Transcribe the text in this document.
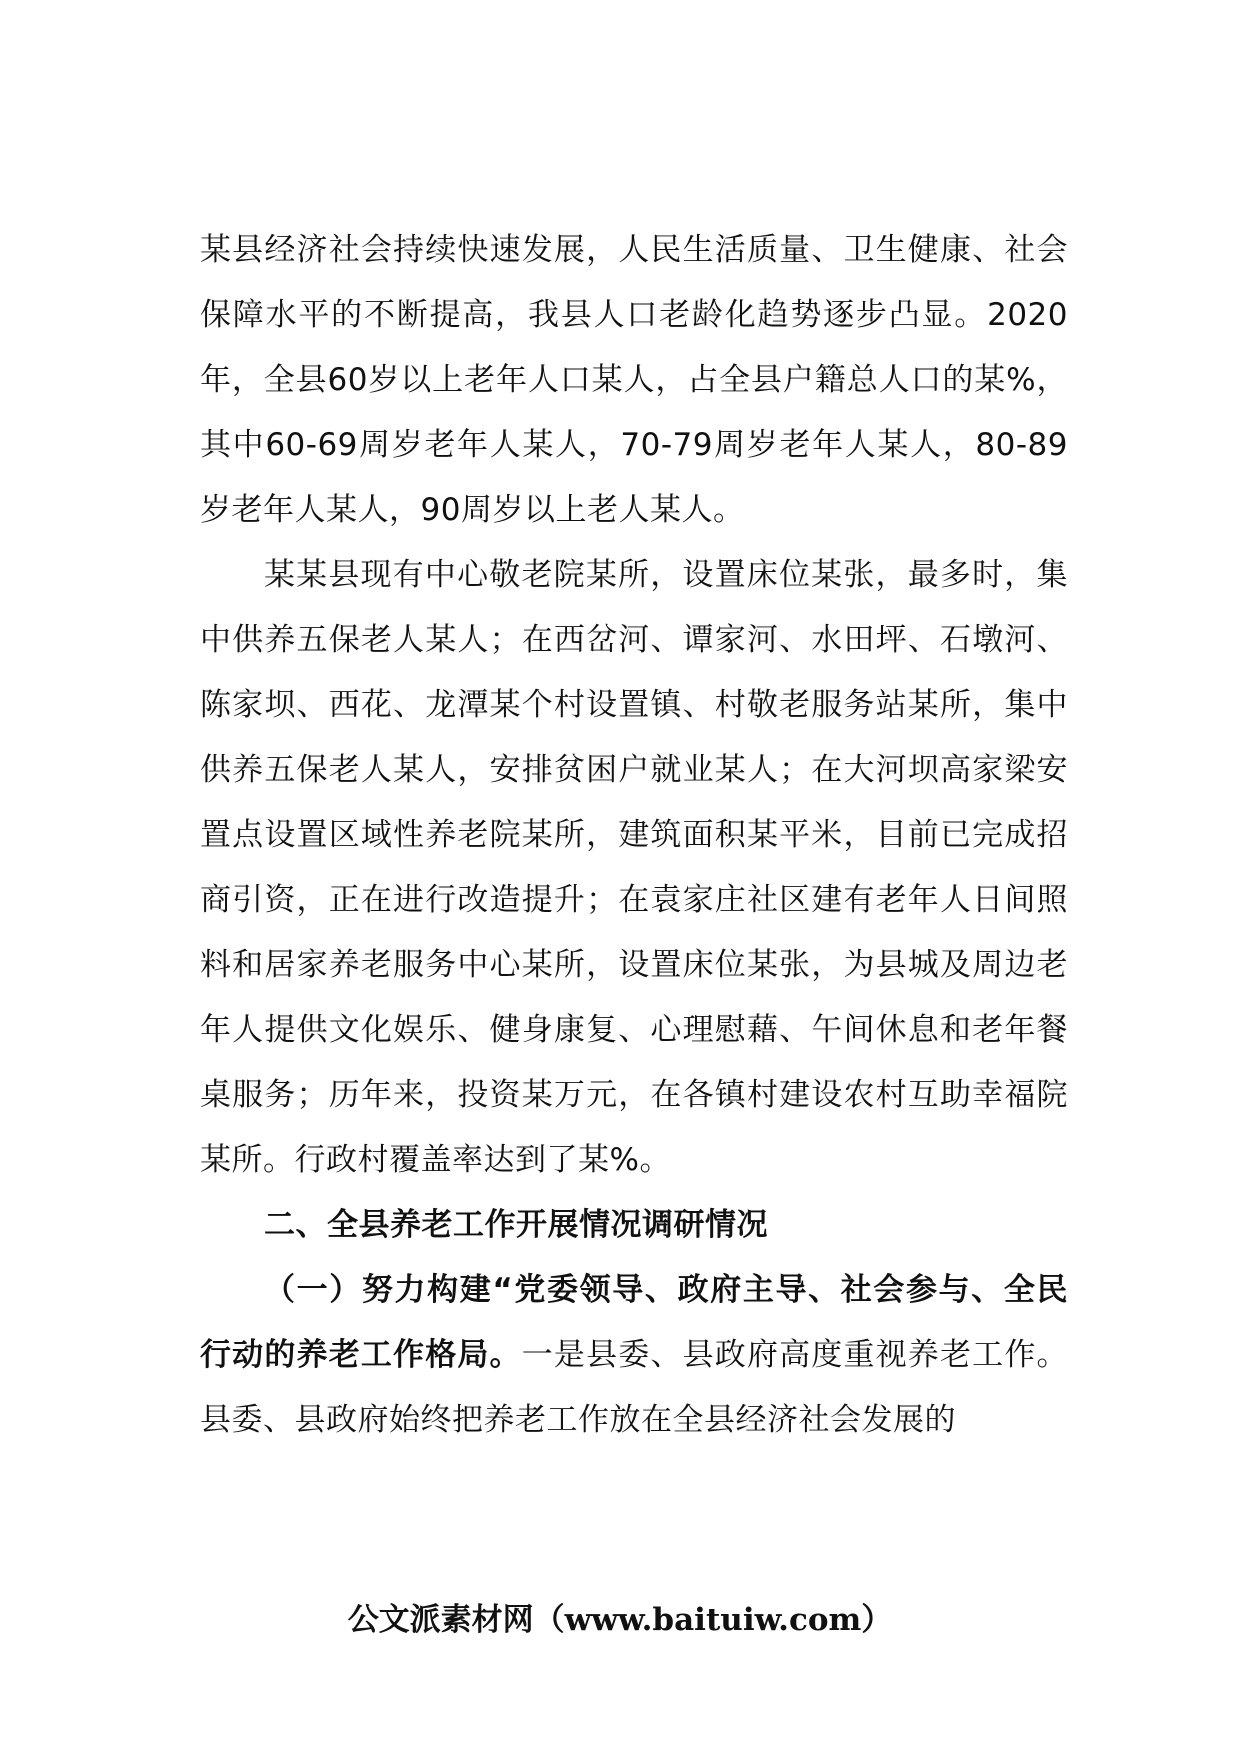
某县经济社会持续快速发展，人民生活质量、卫生健康、社会保障水平的不断提高，我县人口老龄化趋势逐步凸显。2020年，全县60岁以上老年人口某人，占全县户籍总人口的某%，其中60-69周岁老年人某人，70-79周岁老年人某人，80-89岁老年人某人，90周岁以上老人某人。

某某县现有中心敬老院某所，设置床位某张，最多时，集中供养五保老人某人；在西岔河、谭家河、水田坪、石墩河、陈家坝、西花、龙潭某个村设置镇、村敬老服务站某所，集中供养五保老人某人，安排贫困户就业某人；在大河坝高家梁安置点设置区域性养老院某所，建筑面积某平米，目前已完成招商引资，正在进行改造提升；在袁家庄社区建有老年人日间照料和居家养老服务中心某所，设置床位某张，为县城及周边老年人提供文化娱乐、健身康复、心理慰藉、午间休息和老年餐桌服务；历年来，投资某万元，在各镇村建设农村互助幸福院某所。行政村覆盖率达到了某%。

二、全县养老工作开展情况调研情况

（一）努力构建“党委领导、政府主导、社会参与、全民行动的养老工作格局。一是县委、县政府高度重视养老工作。县委、县政府始终把养老工作放在全县经济社会发展的

公文派素材网（www.baituiw.com）
